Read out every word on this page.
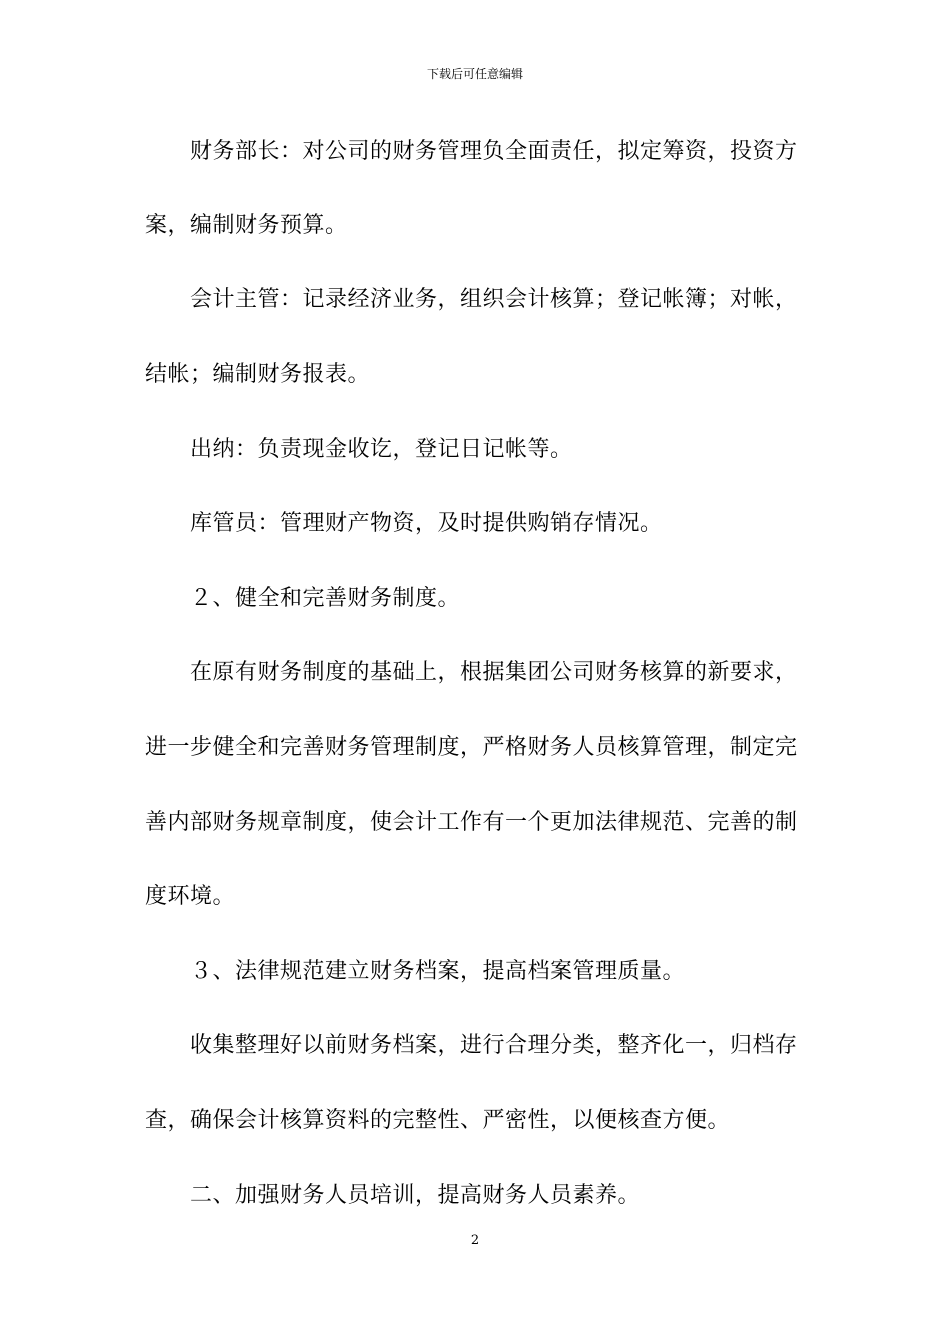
下载后可任意编辑
财务部长：对公司的财务管理负全面责任，拟定筹资，投资方
案，编制财务预算。
会计主管：记录经济业务，组织会计核算；登记帐簿；对帐，
结帐；编制财务报表。
出纳：负责现金收讫，登记日记帐等。
库管员：管理财产物资，及时提供购销存情况。
２、健全和完善财务制度。
在原有财务制度的基础上，根据集团公司财务核算的新要求，
进一步健全和完善财务管理制度，严格财务人员核算管理，制定完
善内部财务规章制度，使会计工作有一个更加法律规范、完善的制
度环境。
３、法律规范建立财务档案，提高档案管理质量。
收集整理好以前财务档案，进行合理分类，整齐化一，归档存
查，确保会计核算资料的完整性、严密性，以便核查方便。
二、加强财务人员培训，提高财务人员素养。
2
